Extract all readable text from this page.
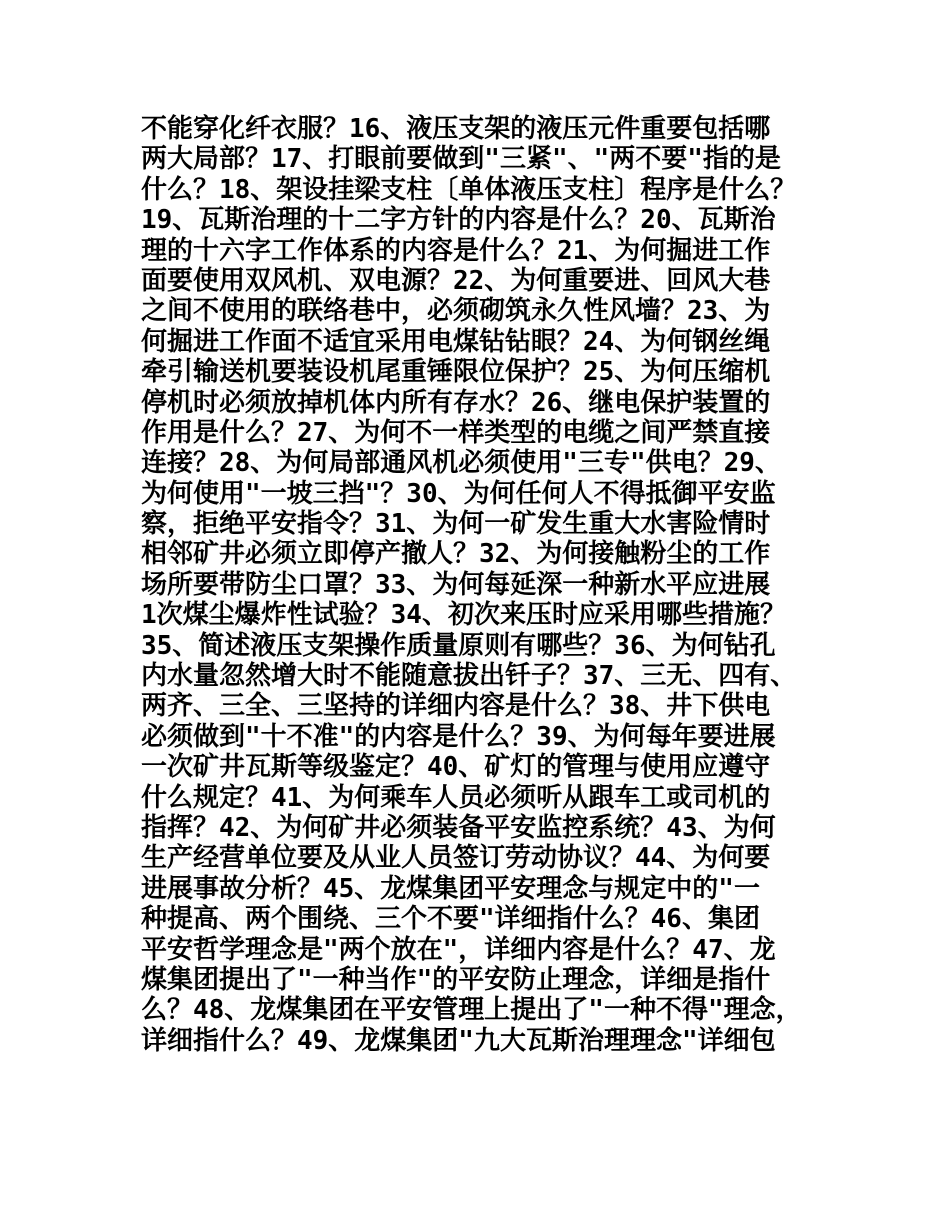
不能穿化纤衣服？16、液压支架的液压元件重要包括哪
两大局部？17、打眼前要做到"三紧"、"两不要"指的是
什么？18、架设挂梁支柱〔单体液压支柱〕程序是什么？
19、瓦斯治理的十二字方针的内容是什么？20、瓦斯治
理的十六字工作体系的内容是什么？21、为何掘进工作
面要使用双风机、双电源？22、为何重要进、回风大巷
之间不使用的联络巷中，必须砌筑永久性风墙？23、为
何掘进工作面不适宜采用电煤钻钻眼？24、为何钢丝绳
牵引输送机要装设机尾重锤限位保护？25、为何压缩机
停机时必须放掉机体内所有存水？26、继电保护装置的
作用是什么？27、为何不一样类型的电缆之间严禁直接
连接？28、为何局部通风机必须使用"三专"供电？29、
为何使用"一坡三挡"？30、为何任何人不得抵御平安监
察，拒绝平安指令？31、为何一矿发生重大水害险情时
相邻矿井必须立即停产撤人？32、为何接触粉尘的工作
场所要带防尘口罩？33、为何每延深一种新水平应进展
1次煤尘爆炸性试验？34、初次来压时应采用哪些措施？
35、简述液压支架操作质量原则有哪些？36、为何钻孔
内水量忽然增大时不能随意拔出钎子？37、三无、四有、
两齐、三全、三坚持的详细内容是什么？38、井下供电
必须做到"十不准"的内容是什么？39、为何每年要进展
一次矿井瓦斯等级鉴定？40、矿灯的管理与使用应遵守
什么规定？41、为何乘车人员必须听从跟车工或司机的
指挥？42、为何矿井必须装备平安监控系统？43、为何
生产经营单位要及从业人员签订劳动协议？44、为何要
进展事故分析？45、龙煤集团平安理念与规定中的"一
种提高、两个围绕、三个不要"详细指什么？46、集团
平安哲学理念是"两个放在"，详细内容是什么？47、龙
煤集团提出了"一种当作"的平安防止理念，详细是指什
么？48、龙煤集团在平安管理上提出了"一种不得"理念，
详细指什么？49、龙煤集团"九大瓦斯治理理念"详细包
